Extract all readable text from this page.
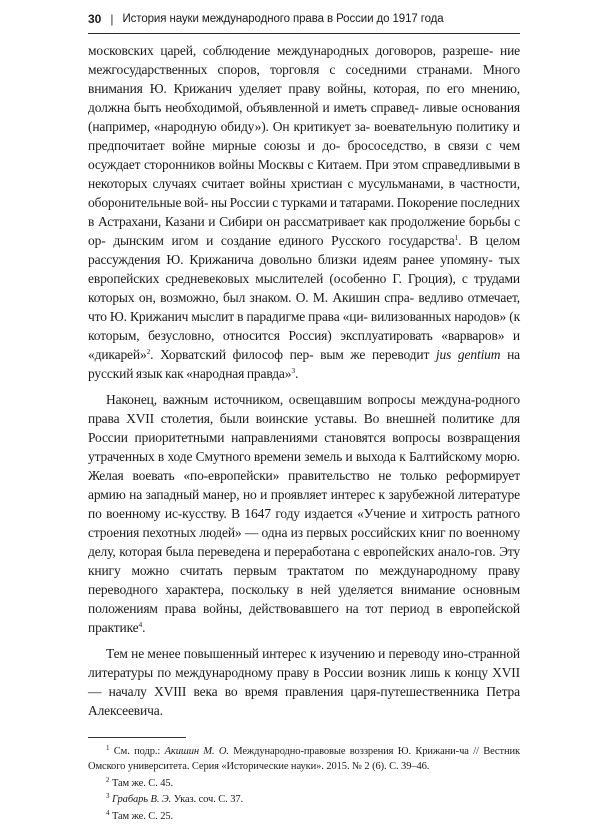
30 | История науки международного права в России до 1917 года

московских царей, соблюдение международных договоров, разреше- ние межгосударственных споров, торговля с соседними странами. Много внимания Ю. Крижанич уделяет праву войны, которая, по его мнению, должна быть необходимой, объявленной и иметь справед- ливые основания (например, «народную обиду»). Он критикует за- воевательную политику и предпочитает войне мирные союзы и до- брососедство, в связи с чем осуждает сторонников войны Москвы с Китаем. При этом справедливыми в некоторых случаях считает войны христиан с мусульманами, в частности, оборонительные вой- ны России с турками и татарами. Покорение последних в Астрахани, Казани и Сибири он рассматривает как продолжение борьбы с ор- дынским игом и создание единого Русского государства$^1$. В целом рассуждения Ю. Крижанича довольно близки идеям ранее упомяну- тых европейских средневековых мыслителей (особенно Г. Гроция), с трудами которых он, возможно, был знаком. О. М. Акишин спра- ведливо отмечает, что Ю. Крижанич мыслит в парадигме права «ци- вилизованных народов» (к которым, безусловно, относится Россия) эксплуатировать «варваров» и «дикарей»$^2$. Хорватский философ пер- вым же переводит jus gentium на русский язык как «народная правда»$^3$.

Наконец, важным источником, освещавшим вопросы междуна-родного права XVII столетия, были воинские уставы. Во внешней политике для России приоритетными направлениями становятся вопросы возвращения утраченных в ходе Смутного времени земель и выхода к Балтийскому морю. Желая воевать «по-европейски» правительство не только реформирует армию на западный манер, но и проявляет интерес к зарубежной литературе по военному ис-кусству. В 1647 году издается «Учение и хитрость ратного строения пехотных людей» — одна из первых российских книг по военному делу, которая была переведена и переработана с европейских анало-гов. Эту книгу можно считать первым трактатом по международному праву переводного характера, поскольку в ней уделяется внимание основным положениям права войны, действовавшего на тот период в европейской практике$^4$.

Тем не менее повышенный интерес к изучению и переводу ино-странной литературы по международному праву в России возник лишь к концу XVII — началу XVIII века во время правления царя-путешественника Петра Алексеевича.

$^1$ См. подр.: Акишин М. О. Международно-правовые воззрения Ю. Крижани-ча // Вестник Омского университета. Серия «Исторические науки». 2015. № 2 (6). С. 39–46.

$^2$ Там же. С. 45.

$^3$ Грабарь В. Э. Указ. соч. С. 37.

$^4$ Там же. С. 25.
